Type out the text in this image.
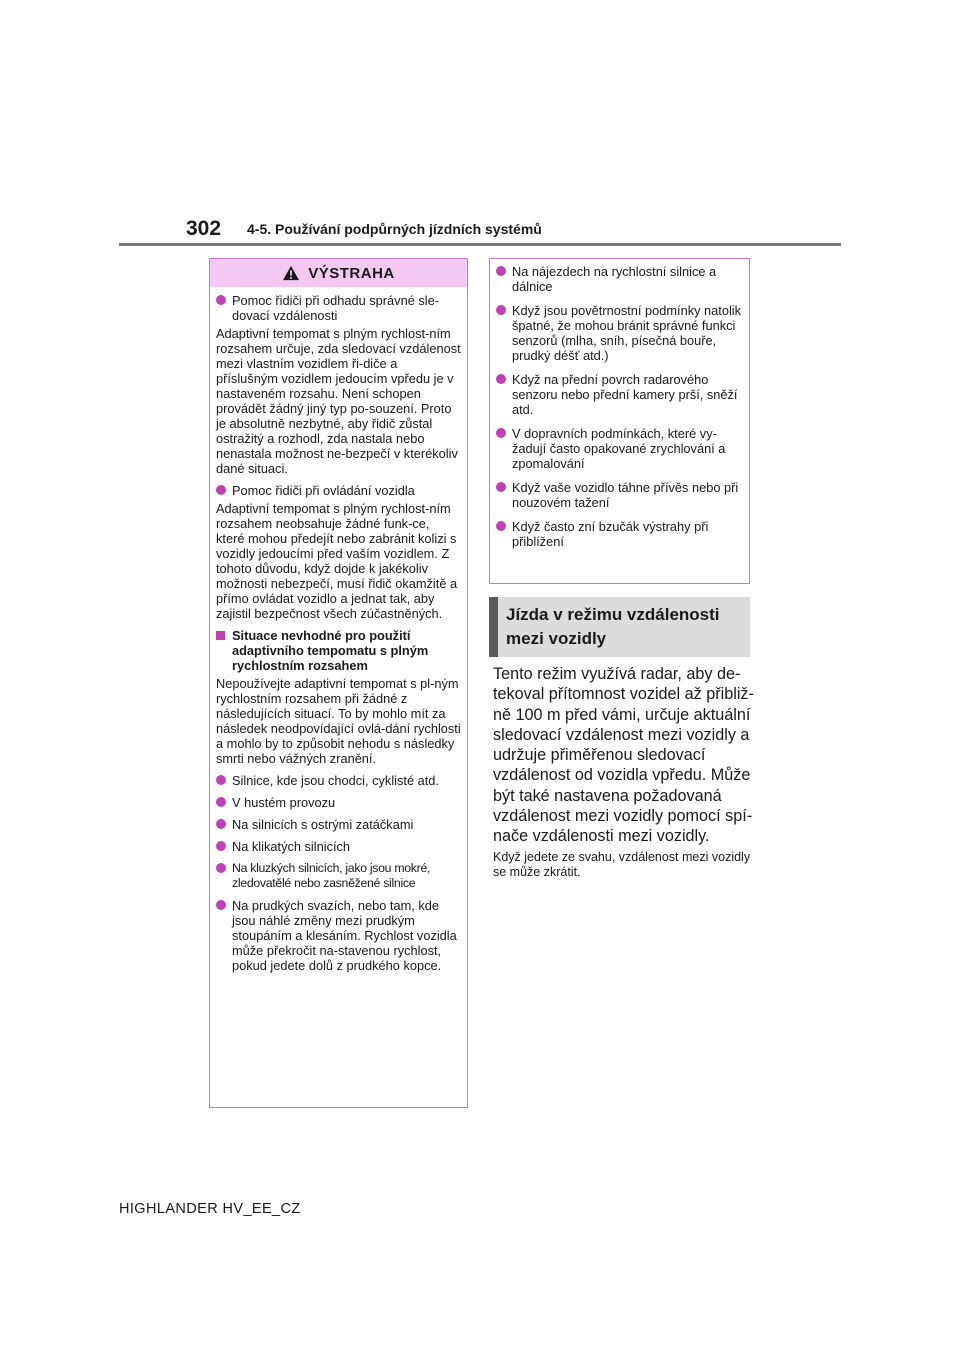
302 4-5. Používání podpůrných jízdních systémů
VÝSTRAHA
Pomoc řidiči při odhadu správné sle-dovací vzdálenosti
Adaptivní tempomat s plným rychlost-ním rozsahem určuje, zda sledovací vzdálenost mezi vlastním vozidlem ři-diče a příslušným vozidlem jedoucím vpředu je v nastaveném rozsahu. Není schopen provádět žádný jiný typ po-souzení. Proto je absolutně nezbytné, aby řidič zůstal ostražitý a rozhodl, zda nastala nebo nenastala možnost ne-bezpečí v kterékoliv dané situaci.
Pomoc řidiči při ovládání vozidla
Adaptivní tempomat s plným rychlost-ním rozsahem neobsahuje žádné funk-ce, které mohou předejít nebo zabránit kolizi s vozidly jedoucími před vaším vozidlem. Z tohoto důvodu, když dojde k jakékoliv možnosti nebezpečí, musí řidič okamžitě a přímo ovládat vozidlo a jednat tak, aby zajistil bezpečnost všech zúčastněných.
Situace nevhodné pro použití adaptivního tempomatu s plným rychlostním rozsahem
Nepoužívejte adaptivní tempomat s pl-ným rychlostním rozsahem při žádné z následujících situací. To by mohlo mít za následek neodpovídající ovlá-dání rychlosti a mohlo by to způsobit nehodu s následky smrti nebo vážných zranění.
Silnice, kde jsou chodci, cyklisté atd.
V hustém provozu
Na silnicích s ostrými zatáčkami
Na klikatých silnicích
Na kluzkých silnicích, jako jsou mokré, zledovatělé nebo zasněžené silnice
Na prudkých svazích, nebo tam, kde jsou náhlé změny mezi prudkým stoupáním a klesáním. Rychlost vozidla může překročit na-stavenou rychlost, pokud jedete dolů z prudkého kopce.
Na nájezdech na rychlostní silnice a dálnice
Když jsou povětrnostní podmínky natolik špatné, že mohou bránit správné funkci senzorů (mlha, sníh, písečná bouře, prudký déšť atd.)
Když na přední povrch radarového senzoru nebo přední kamery prší, sněží atd.
V dopravních podmínkách, které vy-žadují často opakované zrychlování a zpomalování
Když vaše vozidlo táhne přívěs nebo při nouzovém tažení
Když často zní bzučák výstrahy při přiblížení
Jízda v režimu vzdálenosti mezi vozidly
Tento režim využívá radar, aby de-tekoval přítomnost vozidel až přibliž-ně 100 m před vámi, určuje aktuální sledovací vzdálenost mezi vozidly a udržuje přiměřenou sledovací vzdálenost od vozidla vpředu. Může být také nastavena požadovaná vzdálenost mezi vozidly pomocí spí-nače vzdálenosti mezi vozidly.
Když jedete ze svahu, vzdálenost mezi vozidly se může zkrátit.
HIGHLANDER HV_EE_CZ
